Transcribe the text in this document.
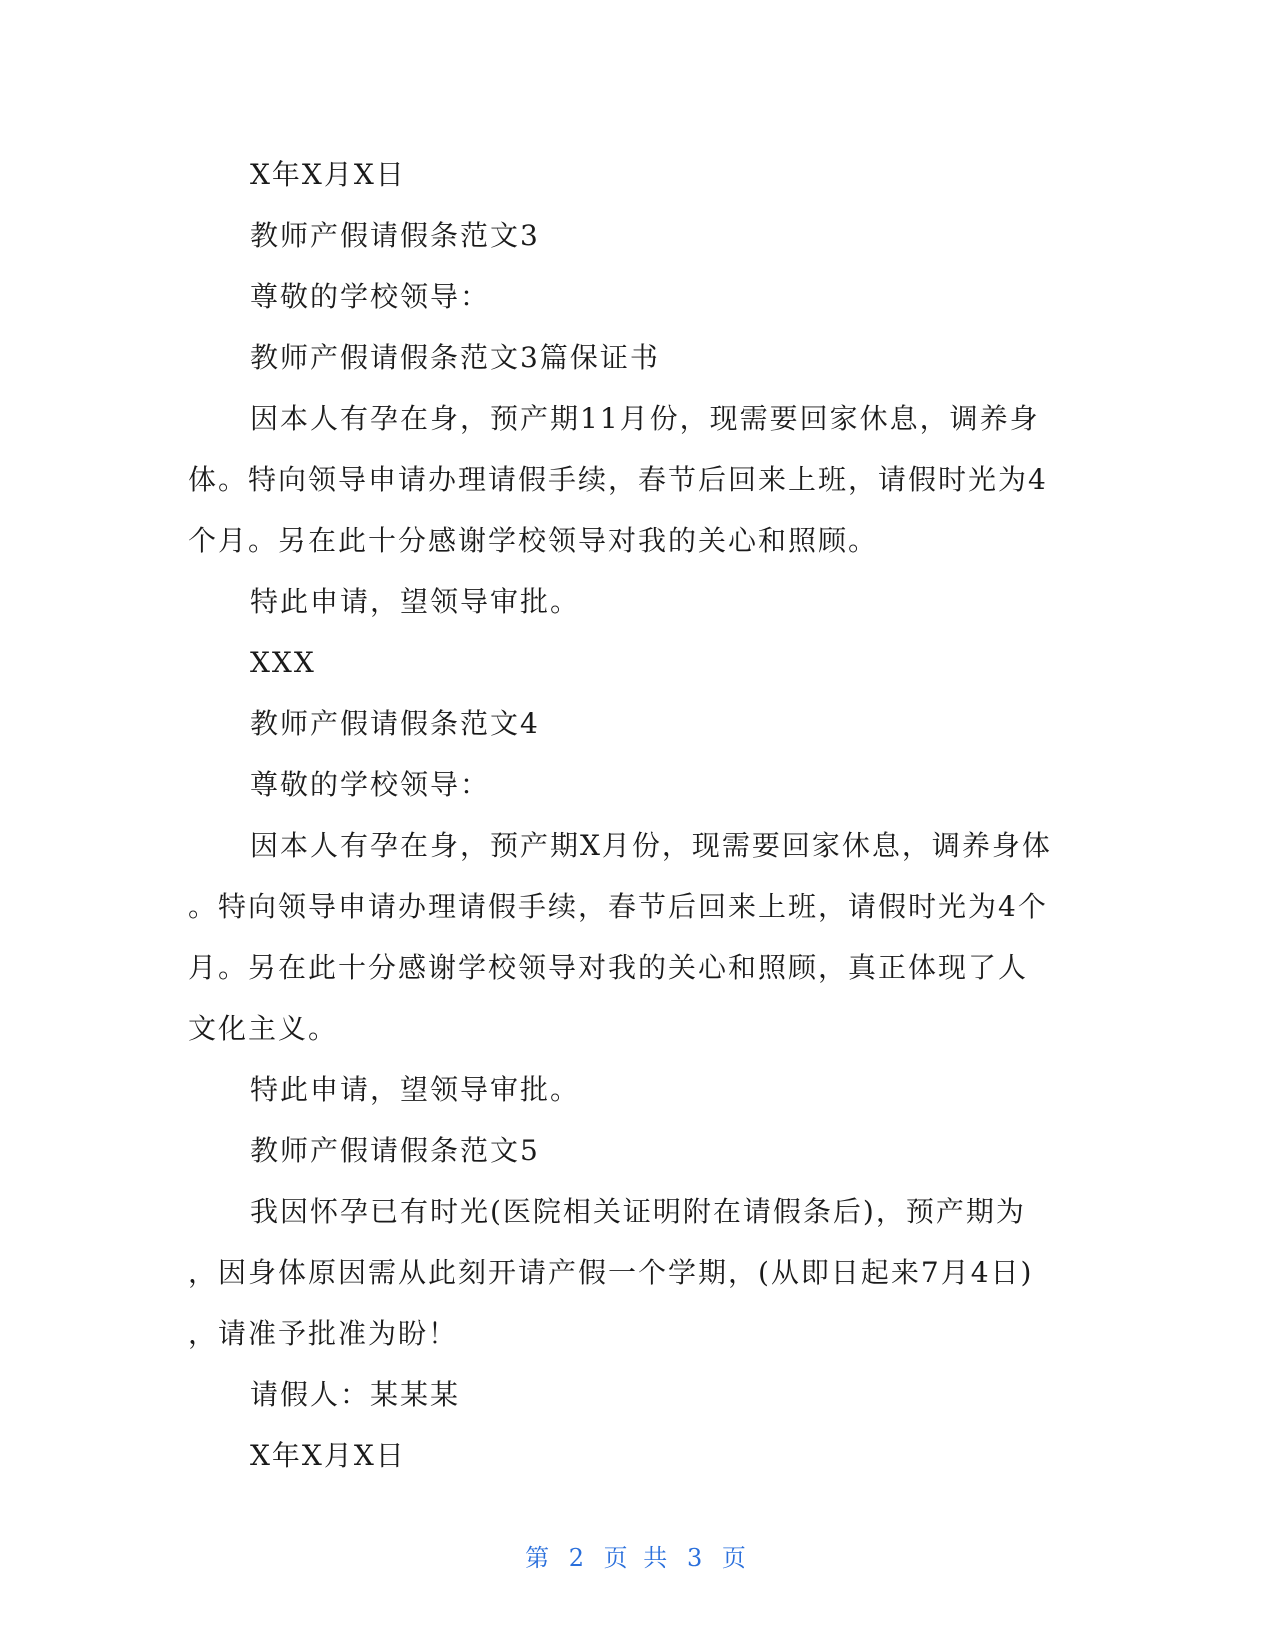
X年X月X日

教师产假请假条范文3

尊敬的学校领导：

教师产假请假条范文3篇保证书

因本人有孕在身，预产期11月份，现需要回家休息，调养身

体。特向领导申请办理请假手续，春节后回来上班，请假时光为4

个月。另在此十分感谢学校领导对我的关心和照顾。

特此申请，望领导审批。

XXX

教师产假请假条范文4

尊敬的学校领导：

因本人有孕在身，预产期X月份，现需要回家休息，调养身体

。特向领导申请办理请假手续，春节后回来上班，请假时光为4个

月。另在此十分感谢学校领导对我的关心和照顾，真正体现了人

文化主义。

特此申请，望领导审批。

教师产假请假条范文5

我因怀孕已有时光(医院相关证明附在请假条后)，预产期为

，因身体原因需从此刻开请产假一个学期，(从即日起来7月4日)

，请准予批准为盼！

请假人：某某某

X年X月X日

第 2 页 共 3 页
